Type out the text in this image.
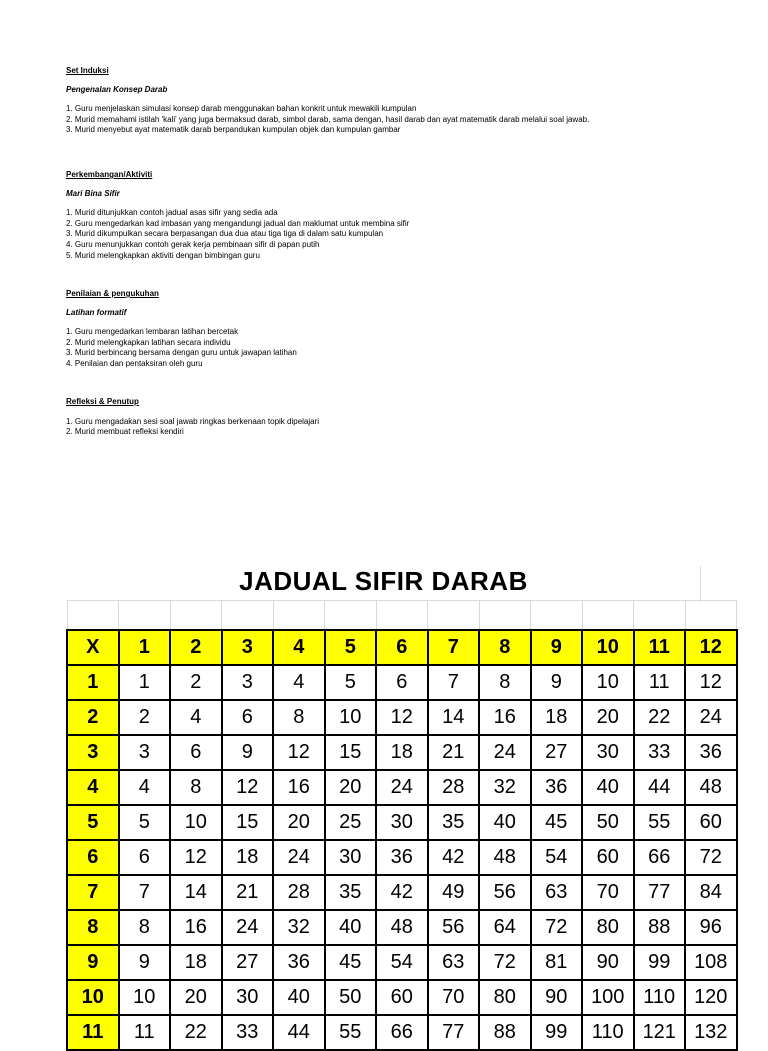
Set Induksi

Pengenalan Konsep Darab

1. Guru menjelaskan simulasi konsep darab menggunakan bahan konkrit untuk mewakili kumpulan
2. Murid memahami istilah 'kali' yang juga bermaksud darab, simbol darab, sama dengan, hasil darab dan ayat matematik darab melalui soal jawab.
3. Murid menyebut ayat matematik darab berpandukan kumpulan objek dan kumpulan gambar

Perkembangan/Aktiviti

Mari Bina Sifir

1. Murid ditunjukkan contoh jadual asas sifir yang sedia ada
2. Guru mengedarkan kad imbasan yang mengandungi jadual dan maklumat untuk membina sifir
3. Murid dikumpulkan secara berpasangan dua dua atau tiga tiga di dalam satu kumpulan
4. Guru menunjukkan contoh gerak kerja pembinaan sifir di papan putih
5. Murid melengkapkan aktiviti dengan bimbingan guru

Penilaian & pengukuhan

Latihan formatif

1. Guru mengedarkan lembaran latihan bercetak
2. Murid melengkapkan latihan secara individu
3. Murid berbincang bersama dengan guru untuk jawapan latihan
4. Penilaian dan pentaksiran oleh guru

Refleksi & Penutup

1. Guru mengadakan sesi soal jawab ringkas berkenaan topik dipelajari
2. Murid membuat refleksi kendiri
JADUAL SIFIR DARAB

X	1	2	3	4	5	6	7	8	9	10	11	12
1	1	2	3	4	5	6	7	8	9	10	11	12
2	2	4	6	8	10	12	14	16	18	20	22	24
3	3	6	9	12	15	18	21	24	27	30	33	36
4	4	8	12	16	20	24	28	32	36	40	44	48
5	5	10	15	20	25	30	35	40	45	50	55	60
6	6	12	18	24	30	36	42	48	54	60	66	72
7	7	14	21	28	35	42	49	56	63	70	77	84
8	8	16	24	32	40	48	56	64	72	80	88	96
9	9	18	27	36	45	54	63	72	81	90	99	108
10	10	20	30	40	50	60	70	80	90	100	110	120
11	11	22	33	44	55	66	77	88	99	110	121	132
